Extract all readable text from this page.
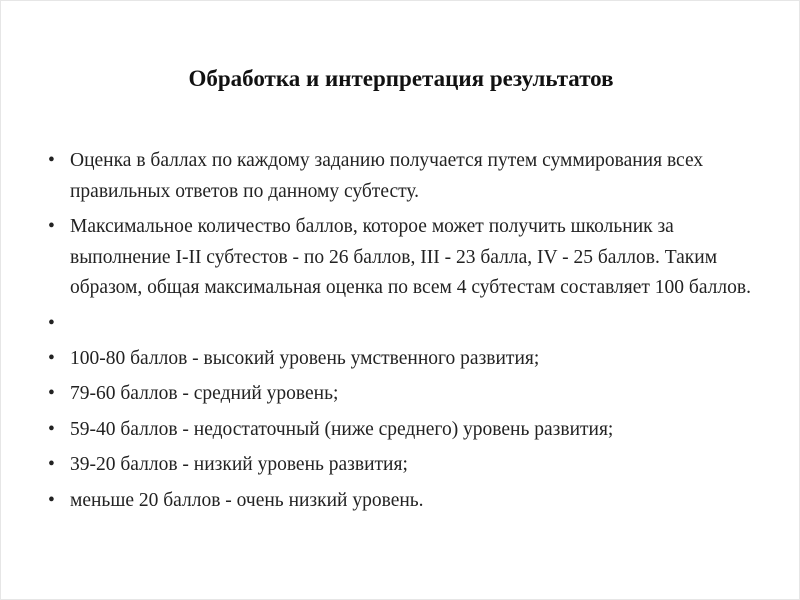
Обработка и интерпретация результатов
• Оценка в баллах по каждому заданию получается путем суммирования всех правильных ответов по данному субтесту.
• Максимальное количество баллов, которое может получить школьник за выполнение I-II субтестов - по 26 баллов, III - 23 балла, IV - 25 баллов. Таким образом, общая максимальная оценка по всем 4 субтестам составляет 100 баллов.
•
• 100-80 баллов - высокий уровень умственного развития;
• 79-60 баллов - средний уровень;
• 59-40 баллов - недостаточный (ниже среднего) уровень развития;
• 39-20 баллов - низкий уровень развития;
• меньше 20 баллов - очень низкий уровень.
